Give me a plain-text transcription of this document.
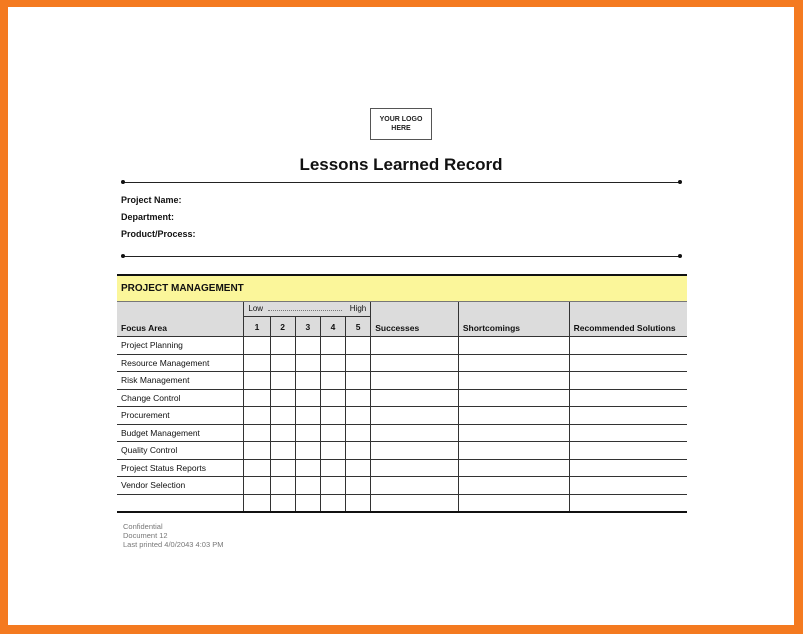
YOUR LOGO
HERE
Lessons Learned Record
Project Name:
Department:
Product/Process:
PROJECT MANAGEMENT								
Focus Area	Low High					Successes	Shortcomings	Recommended Solutions
	1	2	3	4	5			
Project Planning								
Resource Management								
Risk Management								
Change Control								
Procurement								
Budget Management								
Quality Control								
Project Status Reports								
Vendor Selection								

Confidential
Document 12
Last printed 4/0/2043 4:03 PM
